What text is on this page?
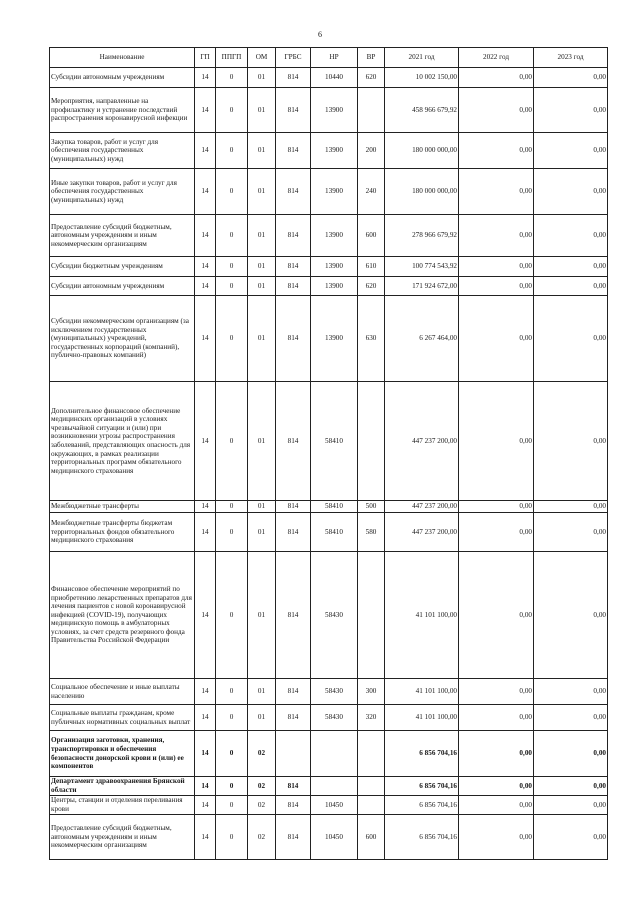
6
Наименование	ГП	ППГП	ОМ	ГРБС	НР	ВР	2021 год	2022 год	2023 год
Субсидии автономным учреждениям	14	0	01	814	10440	620	10 002 150,00	0,00	0,00
Мероприятия, направленные на профилактику и устранение последствий распространения коронавирусной инфекции	14	0	01	814	13900		458 966 679,92	0,00	0,00
Закупка товаров, работ и услуг для обеспечения государственных (муниципальных) нужд	14	0	01	814	13900	200	180 000 000,00	0,00	0,00
Иные закупки товаров, работ и услуг для обеспечения государственных (муниципальных) нужд	14	0	01	814	13900	240	180 000 000,00	0,00	0,00
Предоставление субсидий бюджетным, автономным учреждениям и иным некоммерческим организациям	14	0	01	814	13900	600	278 966 679,92	0,00	0,00
Субсидии бюджетным учреждениям	14	0	01	814	13900	610	100 774 543,92	0,00	0,00
Субсидии автономным учреждениям	14	0	01	814	13900	620	171 924 672,00	0,00	0,00
Субсидии некоммерческим организациям (за исключением государственных (муниципальных) учреждений, государственных корпораций (компаний), публично-правовых компаний)	14	0	01	814	13900	630	6 267 464,00	0,00	0,00
Дополнительное финансовое обеспечение медицинских организаций в условиях чрезвычайной ситуации и (или) при возникновении угрозы распространения заболеваний, представляющих опасность для окружающих, в рамках реализации территориальных программ обязательного медицинского страхования	14	0	01	814	58410		447 237 200,00	0,00	0,00
Межбюджетные трансферты	14	0	01	814	58410	500	447 237 200,00	0,00	0,00
Межбюджетные трансферты бюджетам территориальных фондов обязательного медицинского страхования	14	0	01	814	58410	580	447 237 200,00	0,00	0,00
Финансовое обеспечение мероприятий по приобретению лекарственных препаратов для лечения пациентов с новой коронавирусной инфекцией (COVID-19), получающих медицинскую помощь в амбулаторных условиях, за счет средств резервного фонда Правительства Российской Федерации	14	0	01	814	58430		41 101 100,00	0,00	0,00
Социальное обеспечение и иные выплаты населению	14	0	01	814	58430	300	41 101 100,00	0,00	0,00
Социальные выплаты гражданам, кроме публичных нормативных социальных выплат	14	0	01	814	58430	320	41 101 100,00	0,00	0,00
Организация заготовки, хранения, транспортировки и обеспечения безопасности донорской крови и (или) ее компонентов	14	0	02				6 856 704,16	0,00	0,00
Департамент здравоохранения Брянской области	14	0	02	814			6 856 704,16	0,00	0,00
Центры, станции и отделения переливания крови	14	0	02	814	10450		6 856 704,16	0,00	0,00
Предоставление субсидий бюджетным, автономным учреждениям и иным некоммерческим организациям	14	0	02	814	10450	600	6 856 704,16	0,00	0,00
